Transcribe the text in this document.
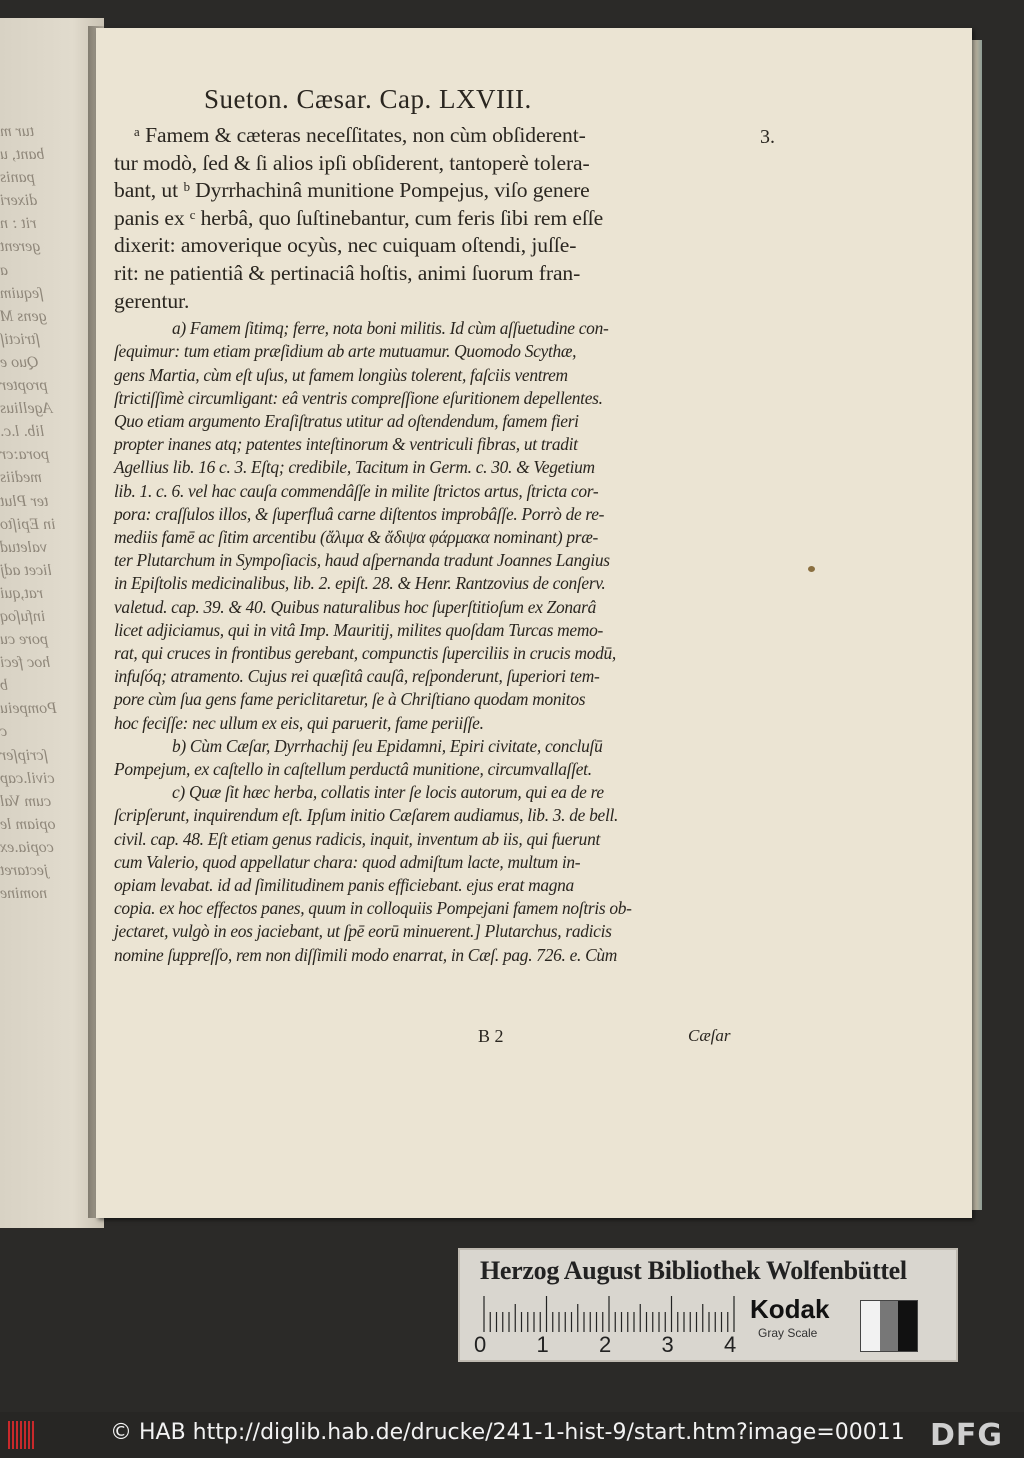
tur m
bant, u
panis
dixeri
rit : n
gerent
a
ſequim
gens M
ſtrictiſ
Quo e
propter
Agellius
lib. l.c.
pora:cr
mediis
ter Plut
in Epiſto
valetud
licet adj
rat,qui
infuſoq
pore cu
hoc feci
b
Pompeiu
c
ſcripſer
civil.cap
cum Val
opiam le
copia.ex
jectaret
nomine
Sueton. Cæsar. Cap. LXVIII.
ᵃ Famem & cæteras neceſſitates, non cùm obſiderent-
tur modò, ſed & ſi alios ipſi obſiderent, tantoperè tolera-
bant, ut ᵇ Dyrrhachinâ munitione Pompejus, viſo genere
panis ex ᶜ herbâ, quo ſuſtinebantur, cum feris ſibi rem eſſe
dixerit: amoverique ocyùs, nec cuiquam oſtendi, juſſe-
rit: ne patientiâ & pertinaciâ hoſtis, animi ſuorum fran-
gerentur.
a) Famem ſitimq; ferre, nota boni militis. Id cùm aſſuetudine con-
ſequimur: tum etiam præſidium ab arte mutuamur. Quomodo Scythæ,
gens Martia, cùm eſt uſus, ut famem longiùs tolerent, faſciis ventrem
ſtrictiſſimè circumligant: eâ ventris compreſſione eſuritionem depellentes.
Quo etiam argumento Eraſiſtratus utitur ad oſtendendum, famem fieri
propter inanes atq; patentes inteſtinorum & ventriculi fibras, ut tradit
Agellius lib. 16 c. 3. Eſtq; credibile, Tacitum in Germ. c. 30. & Vegetium
lib. 1. c. 6. vel hac cauſa commendâſſe in milite ſtrictos artus, ſtricta cor-
pora: craſſulos illos, & ſuperfluâ carne diſtentos improbâſſe. Porrò de re-
mediis famē ac ſitim arcentibu (ἄλιμα & ἄδιψα φάρμακα nominant) præ-
ter Plutarchum in Sympoſiacis, haud aſpernanda tradunt Joannes Langius
in Epiſtolis medicinalibus, lib. 2. epiſt. 28. & Henr. Rantzovius de conſerv.
valetud. cap. 39. & 40. Quibus naturalibus hoc ſuperſtitioſum ex Zonarâ
licet adjiciamus, qui in vitâ Imp. Mauritij, milites quoſdam Turcas memo-
rat, qui cruces in frontibus gerebant, compunctis ſuperciliis in crucis modū,
infuſóq; atramento. Cujus rei quæſitâ cauſâ, reſponderunt, ſuperiori tem-
pore cùm ſua gens fame periclitaretur, ſe à Chriſtiano quodam monitos
hoc feciſſe: nec ullum ex eis, qui paruerit, fame periiſſe.
b) Cùm Cæſar, Dyrrhachij ſeu Epidamni, Epiri civitate, concluſū
Pompejum, ex caſtello in caſtellum perductâ munitione, circumvallaſſet.
c) Quæ ſit hæc herba, collatis inter ſe locis autorum, qui ea de re
ſcripſerunt, inquirendum eſt. Ipſum initio Cæſarem audiamus, lib. 3. de bell.
civil. cap. 48. Eſt etiam genus radicis, inquit, inventum ab iis, qui fuerunt
cum Valerio, quod appellatur chara: quod admiſtum lacte, multum in-
opiam levabat. id ad ſimilitudinem panis efficiebant. ejus erat magna
copia. ex hoc effectos panes, quum in colloquiis Pompejani famem noſtris ob-
jectaret, vulgò in eos jaciebant, ut ſpē eorū minuerent.] Plutarchus, radicis
nomine ſuppreſſo, rem non diſſimili modo enarrat, in Cæſ. pag. 726. e. Cùm
3.
B 2	Cæſar
Herzog August Bibliothek Wolfenbüttel
0 1 2 3 4
Kodak
Gray Scale
© HAB http://diglib.hab.de/drucke/241-1-hist-9/start.htm?image=00011 DFG
